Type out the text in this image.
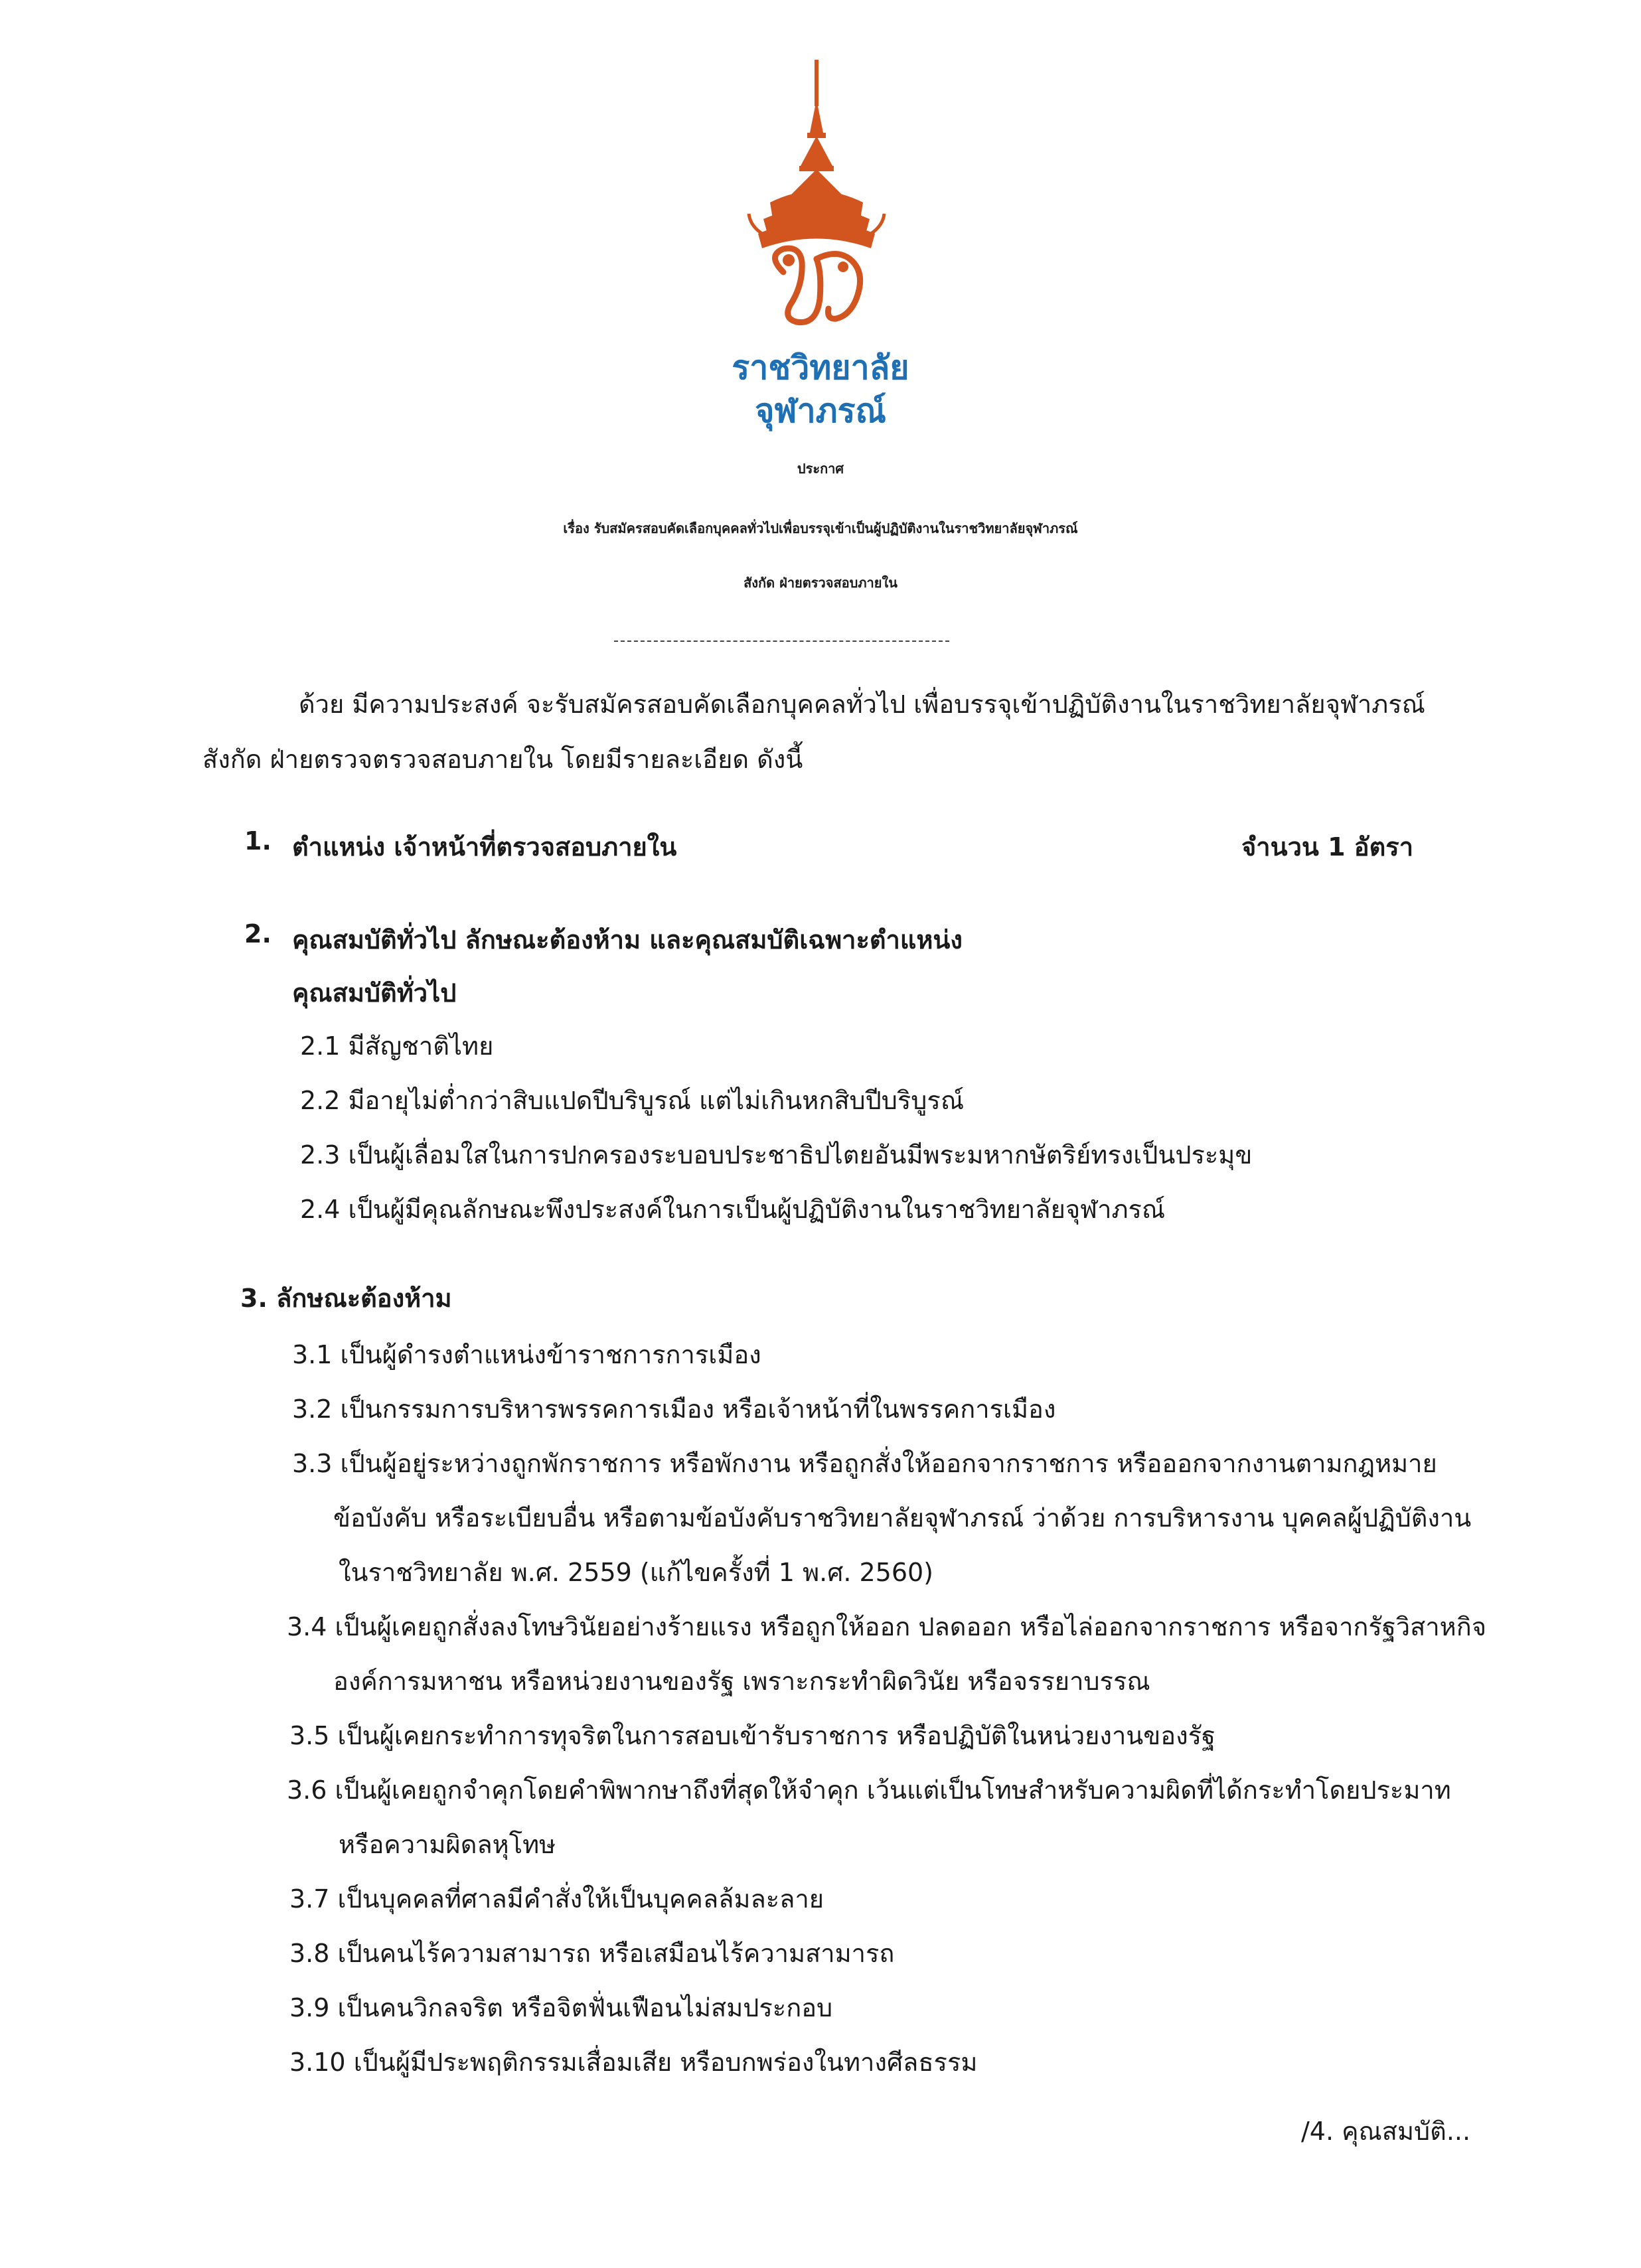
ราชวิทยาลัย
จุฬาภรณ์
ประกาศ
เรื่อง รับสมัครสอบคัดเลือกบุคคลทั่วไปเพื่อบรรจุเข้าเป็นผู้ปฏิบัติงานในราชวิทยาลัยจุฬาภรณ์
สังกัด ฝ่ายตรวจสอบภายใน
ด้วย มีความประสงค์ จะรับสมัครสอบคัดเลือกบุคคลทั่วไป เพื่อบรรจุเข้าปฏิบัติงานในราชวิทยาลัยจุฬาภรณ์
สังกัด ฝ่ายตรวจตรวจสอบภายใน โดยมีรายละเอียด ดังนี้
1. ตำแหน่ง เจ้าหน้าที่ตรวจสอบภายใน	จำนวน 1 อัตรา
2. คุณสมบัติทั่วไป ลักษณะต้องห้าม และคุณสมบัติเฉพาะตำแหน่ง
คุณสมบัติทั่วไป
2.1 มีสัญชาติไทย
2.2 มีอายุไม่ต่ำกว่าสิบแปดปีบริบูรณ์ แต่ไม่เกินหกสิบปีบริบูรณ์
2.3 เป็นผู้เลื่อมใสในการปกครองระบอบประชาธิปไตยอันมีพระมหากษัตริย์ทรงเป็นประมุข
2.4 เป็นผู้มีคุณลักษณะพึงประสงค์ในการเป็นผู้ปฏิบัติงานในราชวิทยาลัยจุฬาภรณ์
3. ลักษณะต้องห้าม
3.1 เป็นผู้ดำรงตำแหน่งข้าราชการการเมือง
3.2 เป็นกรรมการบริหารพรรคการเมือง หรือเจ้าหน้าที่ในพรรคการเมือง
3.3 เป็นผู้อยู่ระหว่างถูกพักราชการ หรือพักงาน หรือถูกสั่งให้ออกจากราชการ หรือออกจากงานตามกฎหมาย
ข้อบังคับ หรือระเบียบอื่น หรือตามข้อบังคับราชวิทยาลัยจุฬาภรณ์ ว่าด้วย การบริหารงาน บุคคลผู้ปฏิบัติงาน
ในราชวิทยาลัย พ.ศ. 2559 (แก้ไขครั้งที่ 1 พ.ศ. 2560)
3.4 เป็นผู้เคยถูกสั่งลงโทษวินัยอย่างร้ายแรง หรือถูกให้ออก ปลดออก หรือไล่ออกจากราชการ หรือจากรัฐวิสาหกิจ
องค์การมหาชน หรือหน่วยงานของรัฐ เพราะกระทำผิดวินัย หรือจรรยาบรรณ
3.5 เป็นผู้เคยกระทำการทุจริตในการสอบเข้ารับราชการ หรือปฏิบัติในหน่วยงานของรัฐ
3.6 เป็นผู้เคยถูกจำคุกโดยคำพิพากษาถึงที่สุดให้จำคุก เว้นแต่เป็นโทษสำหรับความผิดที่ได้กระทำโดยประมาท
หรือความผิดลหุโทษ
3.7 เป็นบุคคลที่ศาลมีคำสั่งให้เป็นบุคคลล้มละลาย
3.8 เป็นคนไร้ความสามารถ หรือเสมือนไร้ความสามารถ
3.9 เป็นคนวิกลจริต หรือจิตฟั่นเฟือนไม่สมประกอบ
3.10 เป็นผู้มีประพฤติกรรมเสื่อมเสีย หรือบกพร่องในทางศีลธรรม
/4. คุณสมบัติ...
